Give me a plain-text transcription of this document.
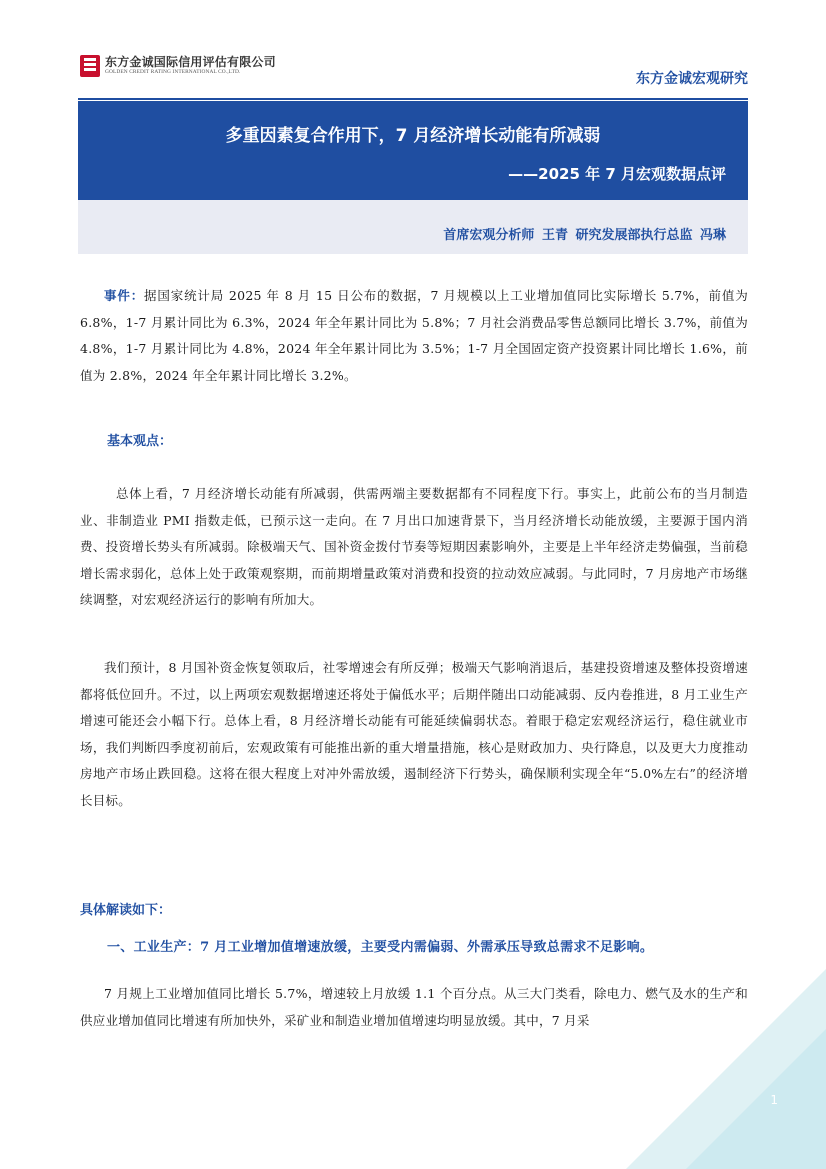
东方金诚国际信用评估有限公司
GOLDEN CREDIT RATING INTERNATIONAL CO.,LTD.	东方金诚宏观研究
多重因素复合作用下，7 月经济增长动能有所减弱
——2025 年 7 月宏观数据点评
首席宏观分析师 王青 研究发展部执行总监 冯琳
事件：据国家统计局 2025 年 8 月 15 日公布的数据，7 月规模以上工业增加值同比实际增长 5.7%，前值为 6.8%，1-7 月累计同比为 6.3%，2024 年全年累计同比为 5.8%；7 月社会消费品零售总额同比增长 3.7%，前值为 4.8%，1-7 月累计同比为 4.8%，2024 年全年累计同比为 3.5%；1-7 月全国固定资产投资累计同比增长 1.6%，前值为 2.8%，2024 年全年累计同比增长 3.2%。
基本观点：
总体上看，7 月经济增长动能有所减弱，供需两端主要数据都有不同程度下行。事实上，此前公布的当月制造业、非制造业 PMI 指数走低，已预示这一走向。在 7 月出口加速背景下，当月经济增长动能放缓，主要源于国内消费、投资增长势头有所减弱。除极端天气、国补资金拨付节奏等短期因素影响外，主要是上半年经济走势偏强，当前稳增长需求弱化，总体上处于政策观察期，而前期增量政策对消费和投资的拉动效应减弱。与此同时，7 月房地产市场继续调整，对宏观经济运行的影响有所加大。
我们预计，8 月国补资金恢复领取后，社零增速会有所反弹；极端天气影响消退后，基建投资增速及整体投资增速都将低位回升。不过，以上两项宏观数据增速还将处于偏低水平；后期伴随出口动能减弱、反内卷推进，8 月工业生产增速可能还会小幅下行。总体上看，8 月经济增长动能有可能延续偏弱状态。着眼于稳定宏观经济运行，稳住就业市场，我们判断四季度初前后，宏观政策有可能推出新的重大增量措施，核心是财政加力、央行降息，以及更大力度推动房地产市场止跌回稳。这将在很大程度上对冲外需放缓，遏制经济下行势头，确保顺利实现全年“5.0%左右”的经济增长目标。
具体解读如下：
一、工业生产：7 月工业增加值增速放缓，主要受内需偏弱、外需承压导致总需求不足影响。
7 月规上工业增加值同比增长 5.7%，增速较上月放缓 1.1 个百分点。从三大门类看，除电力、燃气及水的生产和供应业增加值同比增速有所加快外，采矿业和制造业增加值增速均明显放缓。其中，7 月采
1
